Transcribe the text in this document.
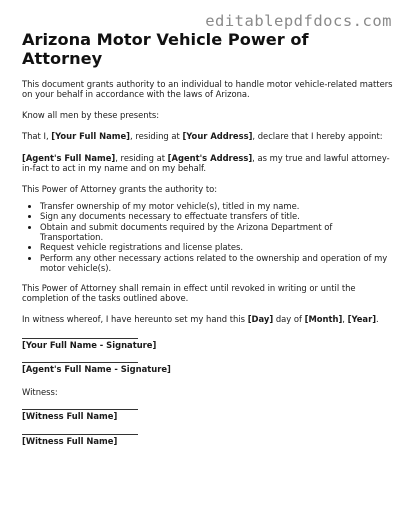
editablepdfdocs.com
Arizona Motor Vehicle Power of Attorney

This document grants authority to an individual to handle motor vehicle-related matters on your behalf in accordance with the laws of Arizona.

Know all men by these presents:

That I, [Your Full Name], residing at [Your Address], declare that I hereby appoint:

[Agent's Full Name], residing at [Agent's Address], as my true and lawful attorney-in-fact to act in my name and on my behalf.

This Power of Attorney grants the authority to:

• Transfer ownership of my motor vehicle(s), titled in my name.
• Sign any documents necessary to effectuate transfers of title.
• Obtain and submit documents required by the Arizona Department of Transportation.
• Request vehicle registrations and license plates.
• Perform any other necessary actions related to the ownership and operation of my motor vehicle(s).

This Power of Attorney shall remain in effect until revoked in writing or until the completion of the tasks outlined above.

In witness whereof, I have hereunto set my hand this [Day] day of [Month], [Year].

[Your Full Name - Signature]
[Agent's Full Name - Signature]

Witness:

[Witness Full Name]
[Witness Full Name]
